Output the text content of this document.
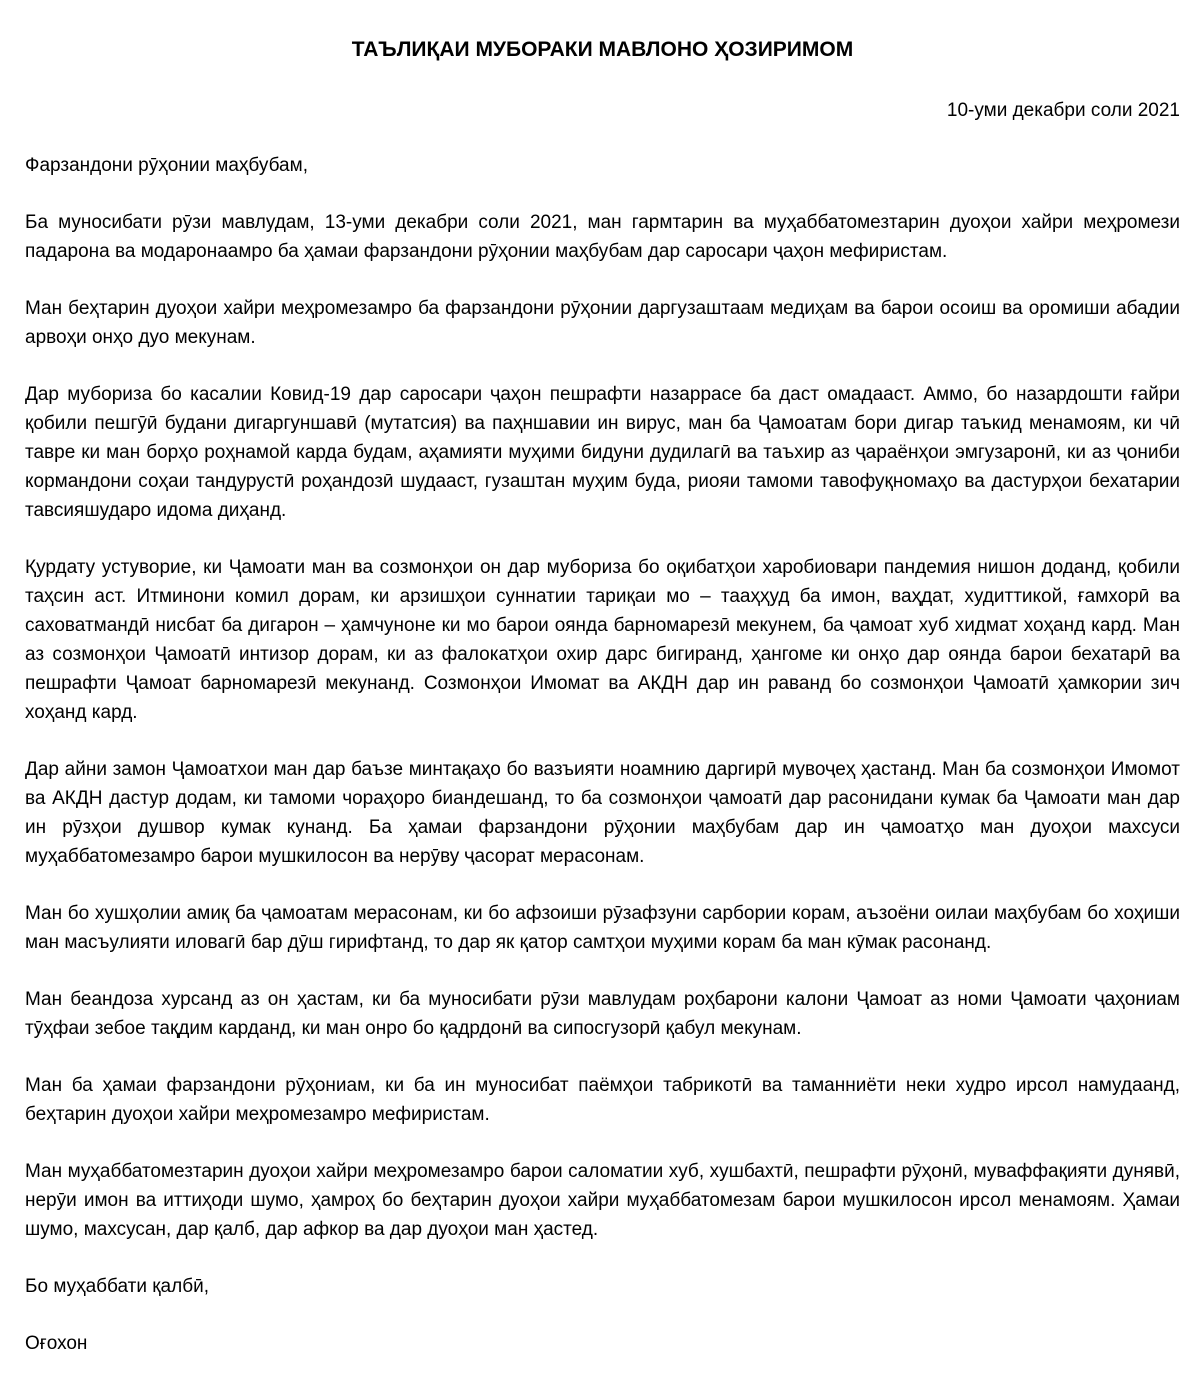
ТАЪЛИҚАИ МУБОРАКИ МАВЛОНО ҲОЗИРИМОМ
10-уми декабри соли 2021
Фарзандони рӯҳонии маҳбубам,
Ба муносибати рӯзи мавлудам, 13-уми декабри соли 2021, ман гармтарин ва муҳаббатомезтарин дуоҳои хайри меҳромези падарона ва модаронаамро ба ҳамаи фарзандони рӯҳонии маҳбубам дар саросари ҷаҳон мефиристам.
Ман беҳтарин дуоҳои хайри меҳромезамро ба фарзандони рӯҳонии даргузаштаам медиҳам ва барои осоиш ва оромиши абадии арвоҳи онҳо дуо мекунам.
Дар мубориза бо касалии Ковид-19 дар саросари ҷаҳон пешрафти назаррасе ба даст омадааст. Аммо, бо назардошти ғайри қобили пешгӯӣ будани дигаргуншавӣ (мутатсия) ва паҳншавии ин вирус, ман ба Ҷамоатам бори дигар таъкид менамоям, ки чӣ тавре ки ман борҳо роҳнамой карда будам, аҳамияти муҳими бидуни дудилагӣ ва таъхир аз ҷараёнҳои эмгузаронӣ, ки аз ҷониби кормандони соҳаи тандурустӣ роҳандозӣ шудааст, гузаштан муҳим буда, риояи тамоми тавофуқномаҳо ва дастурҳои бехатарии тавсияшударо идома диҳанд.
Қурдату устуворие, ки Ҷамоати ман ва созмонҳои он дар мубориза бо оқибатҳои харобиовари пандемия нишон доданд, қобили таҳсин аст. Итминони комил дорам, ки арзишҳои суннатии тариқаи мо – тааҳҳуд ба имон, ваҳдат, худиттикой, ғамхорӣ ва саховатмандӣ нисбат ба дигарон – ҳамчуноне ки мо барои оянда барномарезӣ мекунем, ба ҷамоат хуб хидмат хоҳанд кард. Ман аз созмонҳои Ҷамоатӣ интизор дорам, ки аз фалокатҳои охир дарс бигиранд, ҳангоме ки онҳо дар оянда барои бехатарӣ ва пешрафти Ҷамоат барномарезӣ мекунанд. Созмонҳои Имомат ва АКДН дар ин раванд бо созмонҳои Ҷамоатӣ ҳамкории зич хоҳанд кард.
Дар айни замон Ҷамоатхои ман дар баъзе минтақаҳо бо вазъияти ноамнию даргирӣ мувоҷеҳ ҳастанд. Ман ба созмонҳои Имомот ва АКДН дастур додам, ки тамоми чораҳоро биандешанд, то ба созмонҳои ҷамоатӣ дар расонидани кумак ба Ҷамоати ман дар ин рӯзҳои душвор кумак кунанд. Ба ҳамаи фарзандони рӯҳонии маҳбубам дар ин ҷамоатҳо ман дуоҳои махсуси муҳаббатомезамро барои мушкилосон ва нерӯву ҷасорат мерасонам.
Ман бо хушҳолии амиқ ба ҷамоатам мерасонам, ки бо афзоиши рӯзафзуни сарбории корам, аъзоёни оилаи маҳбубам бо хоҳиши ман масъулияти иловагӣ бар дӯш гирифтанд, то дар як қатор самтҳои муҳими корам ба ман кӯмак расонанд.
Ман беандоза хурсанд аз он ҳастам, ки ба муносибати рӯзи мавлудам роҳбарони калони Ҷамоат аз номи Ҷамоати ҷаҳониам тӯҳфаи зебое тақдим карданд, ки ман онро бо қадрдонӣ ва сипосгузорӣ қабул мекунам.
Ман ба ҳамаи фарзандони рӯҳониам, ки ба ин муносибат паёмҳои табрикотӣ ва таманниёти неки худро ирсол намудаанд, беҳтарин дуоҳои хайри меҳромезамро мефиристам.
Ман муҳаббатомезтарин дуоҳои хайри меҳромезамро барои саломатии хуб, хушбахтӣ, пешрафти рӯҳонӣ, муваффақияти дунявӣ, нерӯи имон ва иттиҳоди шумо, ҳамроҳ бо беҳтарин дуоҳои хайри муҳаббатомезам барои мушкилосон ирсол менамоям. Ҳамаи шумо, махсусан, дар қалб, дар афкор ва дар дуоҳои ман ҳастед.
Бо муҳаббати қалбӣ,
Оғохон
